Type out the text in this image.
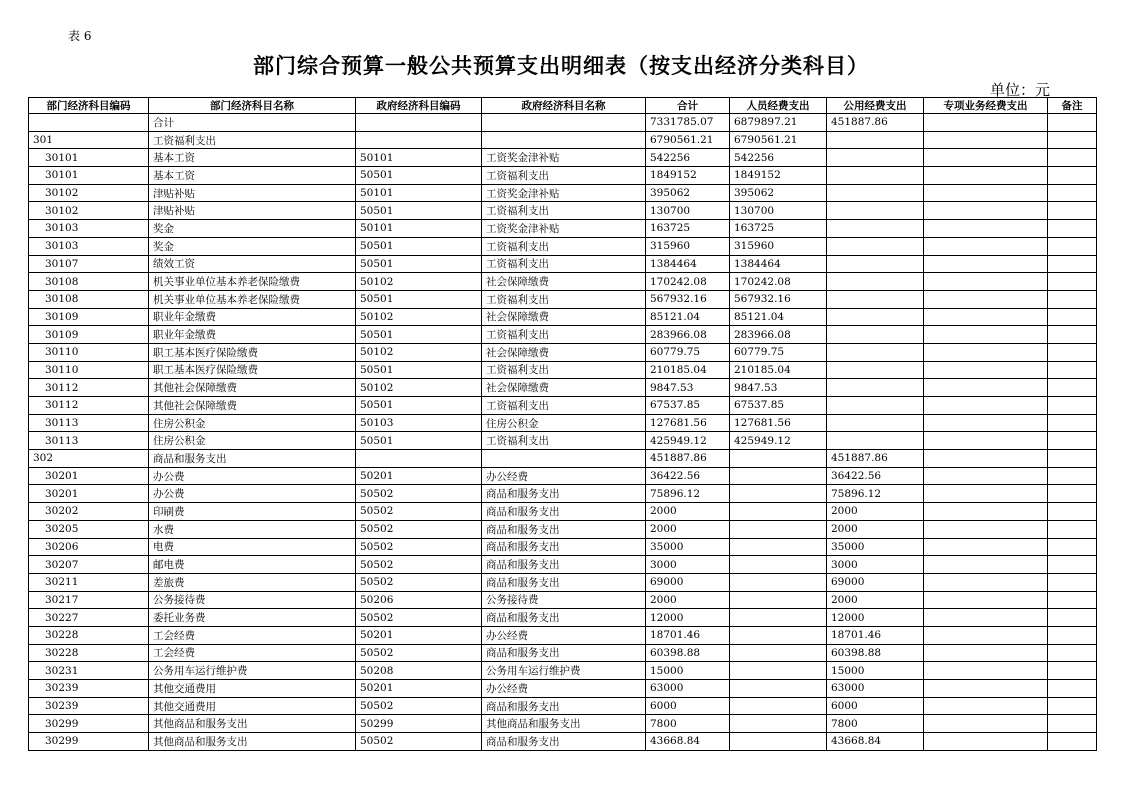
表 6
部门综合预算一般公共预算支出明细表（按支出经济分类科目）
单位：元
部门经济科目编码	部门经济科目名称	政府经济科目编码	政府经济科目名称	合计	人员经费支出	公用经费支出	专项业务经费支出	备注
	合计			7331785.07	6879897.21	451887.86		
301	工资福利支出			6790561.21	6790561.21			
30101	基本工资	50101	工资奖金津补贴	542256	542256			
30101	基本工资	50501	工资福利支出	1849152	1849152			
30102	津贴补贴	50101	工资奖金津补贴	395062	395062			
30102	津贴补贴	50501	工资福利支出	130700	130700			
30103	奖金	50101	工资奖金津补贴	163725	163725			
30103	奖金	50501	工资福利支出	315960	315960			
30107	绩效工资	50501	工资福利支出	1384464	1384464			
30108	机关事业单位基本养老保险缴费	50102	社会保障缴费	170242.08	170242.08			
30108	机关事业单位基本养老保险缴费	50501	工资福利支出	567932.16	567932.16			
30109	职业年金缴费	50102	社会保障缴费	85121.04	85121.04			
30109	职业年金缴费	50501	工资福利支出	283966.08	283966.08			
30110	职工基本医疗保险缴费	50102	社会保障缴费	60779.75	60779.75			
30110	职工基本医疗保险缴费	50501	工资福利支出	210185.04	210185.04			
30112	其他社会保障缴费	50102	社会保障缴费	9847.53	9847.53			
30112	其他社会保障缴费	50501	工资福利支出	67537.85	67537.85			
30113	住房公积金	50103	住房公积金	127681.56	127681.56			
30113	住房公积金	50501	工资福利支出	425949.12	425949.12			
302	商品和服务支出			451887.86		451887.86		
30201	办公费	50201	办公经费	36422.56		36422.56		
30201	办公费	50502	商品和服务支出	75896.12		75896.12		
30202	印刷费	50502	商品和服务支出	2000		2000		
30205	水费	50502	商品和服务支出	2000		2000		
30206	电费	50502	商品和服务支出	35000		35000		
30207	邮电费	50502	商品和服务支出	3000		3000		
30211	差旅费	50502	商品和服务支出	69000		69000		
30217	公务接待费	50206	公务接待费	2000		2000		
30227	委托业务费	50502	商品和服务支出	12000		12000		
30228	工会经费	50201	办公经费	18701.46		18701.46		
30228	工会经费	50502	商品和服务支出	60398.88		60398.88		
30231	公务用车运行维护费	50208	公务用车运行维护费	15000		15000		
30239	其他交通费用	50201	办公经费	63000		63000		
30239	其他交通费用	50502	商品和服务支出	6000		6000		
30299	其他商品和服务支出	50299	其他商品和服务支出	7800		7800		
30299	其他商品和服务支出	50502	商品和服务支出	43668.84		43668.84		
